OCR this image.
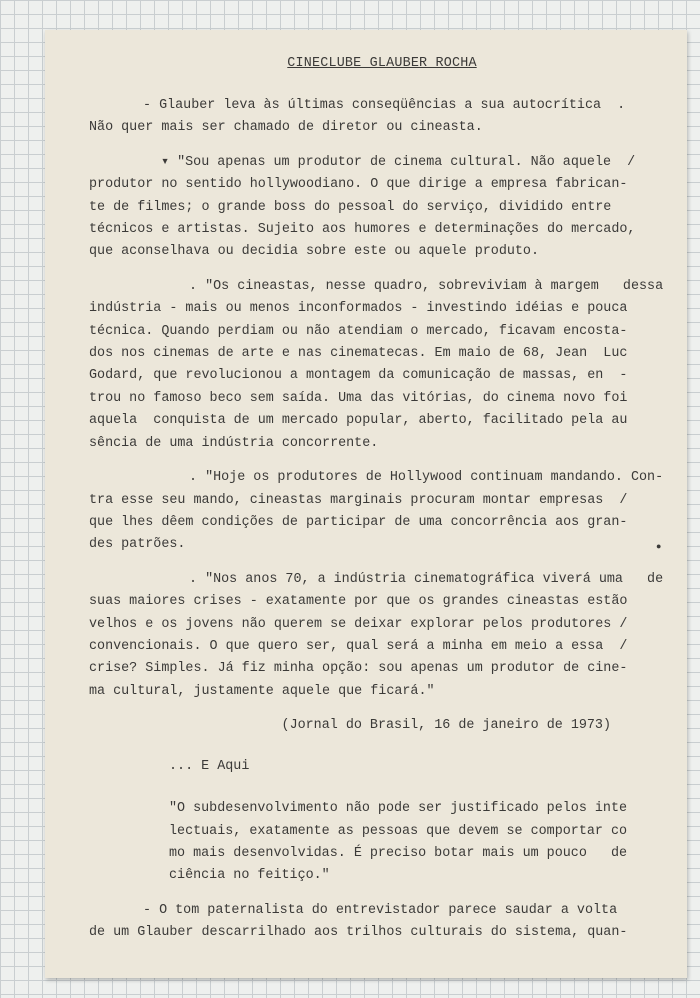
CINECLUBE GLAUBER ROCHA
- Glauber leva às últimas conseqüências a sua autocrítica  .
Não quer mais ser chamado de diretor ou cineasta.
▾ "Sou apenas um produtor de cinema cultural. Não aquele  /
produtor no sentido hollywoodiano. O que dirige a empresa fabrican-
te de filmes; o grande boss do pessoal do serviço, dividido entre
técnicos e artistas. Sujeito aos humores e determinações do mercado,
que aconselhava ou decidia sobre este ou aquele produto.
. "Os cineastas, nesse quadro, sobreviviam à margem   dessa
indústria - mais ou menos inconformados - investindo idéias e pouca
técnica. Quando perdiam ou não atendiam o mercado, ficavam encosta-
dos nos cinemas de arte e nas cinematecas. Em maio de 68, Jean  Luc
Godard, que revolucionou a montagem da comunicação de massas, en  -
trou no famoso beco sem saída. Uma das vitórias, do cinema novo foi
aquela  conquista de um mercado popular, aberto, facilitado pela au
sência de uma indústria concorrente.
. "Hoje os produtores de Hollywood continuam mandando. Con-
tra esse seu mando, cineastas marginais procuram montar empresas  /
que lhes dêem condições de participar de uma concorrência aos gran-
des patrões.
. "Nos anos 70, a indústria cinematográfica viverá uma   de
suas maiores crises - exatamente por que os grandes cineastas estão
velhos e os jovens não querem se deixar explorar pelos produtores /
convencionais. O que quero ser, qual será a minha em meio a essa  /
crise? Simples. Já fiz minha opção: sou apenas um produtor de cine-
ma cultural, justamente aquele que ficará."
(Jornal do Brasil, 16 de janeiro de 1973)
... E Aqui
"O subdesenvolvimento não pode ser justificado pelos inte
lectuais, exatamente as pessoas que devem se comportar co
mo mais desenvolvidas. É preciso botar mais um pouco   de
ciência no feitiço."
- O tom paternalista do entrevistador parece saudar a volta
de um Glauber descarrilhado aos trilhos culturais do sistema, quan-
●
